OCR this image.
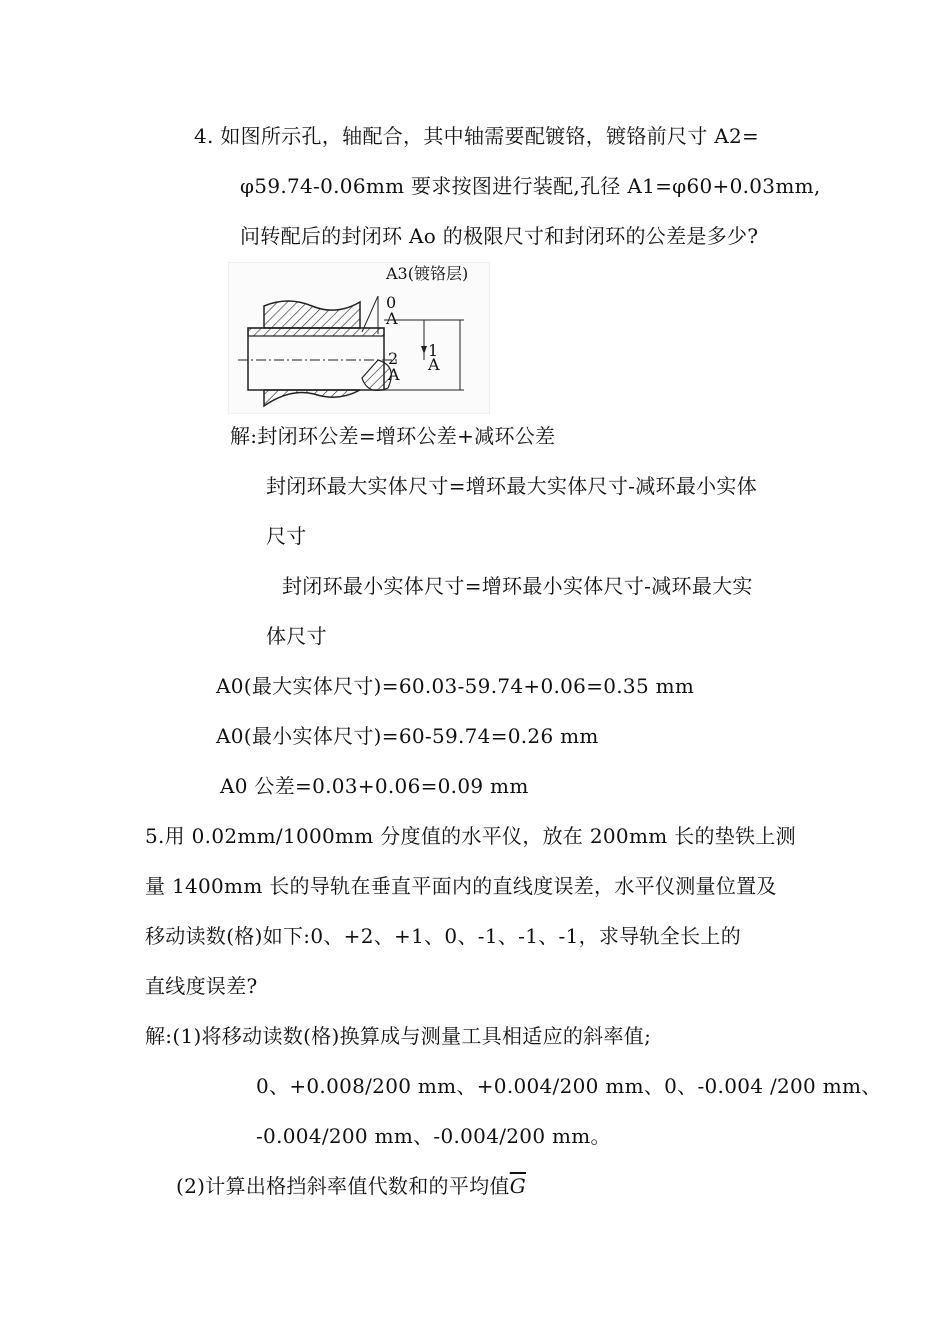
4. 如图所示孔，轴配合，其中轴需要配镀铬，镀铬前尺寸 A2=
φ59.74-0.06mm 要求按图进行装配,孔径 A1=φ60+0.03mm,
问转配后的封闭环 Ao 的极限尺寸和封闭环的公差是多少?
A3(镀铬层)
0
A
1
A
2
A
解:封闭环公差=增环公差+减环公差
封闭环最大实体尺寸=增环最大实体尺寸-减环最小实体
尺寸
封闭环最小实体尺寸=增环最小实体尺寸-减环最大实
体尺寸
A0(最大实体尺寸)=60.03-59.74+0.06=0.35 mm
A0(最小实体尺寸)=60-59.74=0.26 mm
A0 公差=0.03+0.06=0.09 mm
5.用 0.02mm/1000mm 分度值的水平仪，放在 200mm 长的垫铁上测
量 1400mm 长的导轨在垂直平面内的直线度误差，水平仪测量位置及
移动读数(格)如下:0、+2、+1、0、-1、-1、-1，求导轨全长上的
直线度误差?
解:(1)将移动读数(格)换算成与测量工具相适应的斜率值;
0、+0.008/200 mm、+0.004/200 mm、0、-0.004 /200 mm、
-0.004/200 mm、-0.004/200 mm。
(2)计算出格挡斜率值代数和的平均值$\overline{G}$
